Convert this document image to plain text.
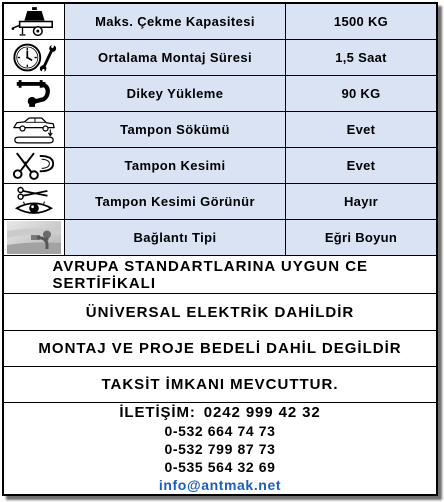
Maks. Çekme Kapasitesi	1500 KG
Ortalama Montaj Süresi	1,5 Saat
Dikey Yükleme	90 KG
Tampon Sökümü	Evet
Tampon Kesimi	Evet
Tampon Kesimi Görünür	Hayır
Bağlantı Tipi	Eğri Boyun
AVRUPA STANDARTLARINA UYGUN CE SERTİFİKALI
ÜNİVERSAL ELEKTRİK DAHİLDİR
MONTAJ VE PROJE BEDELİ DAHİL DEGİLDİR
TAKSİT İMKANI MEVCUTTUR.
İLETİŞİM: 0242 999 42 32
0-532 664 74 73
0-532 799 87 73
0-535 564 32 69
info@antmak.net
